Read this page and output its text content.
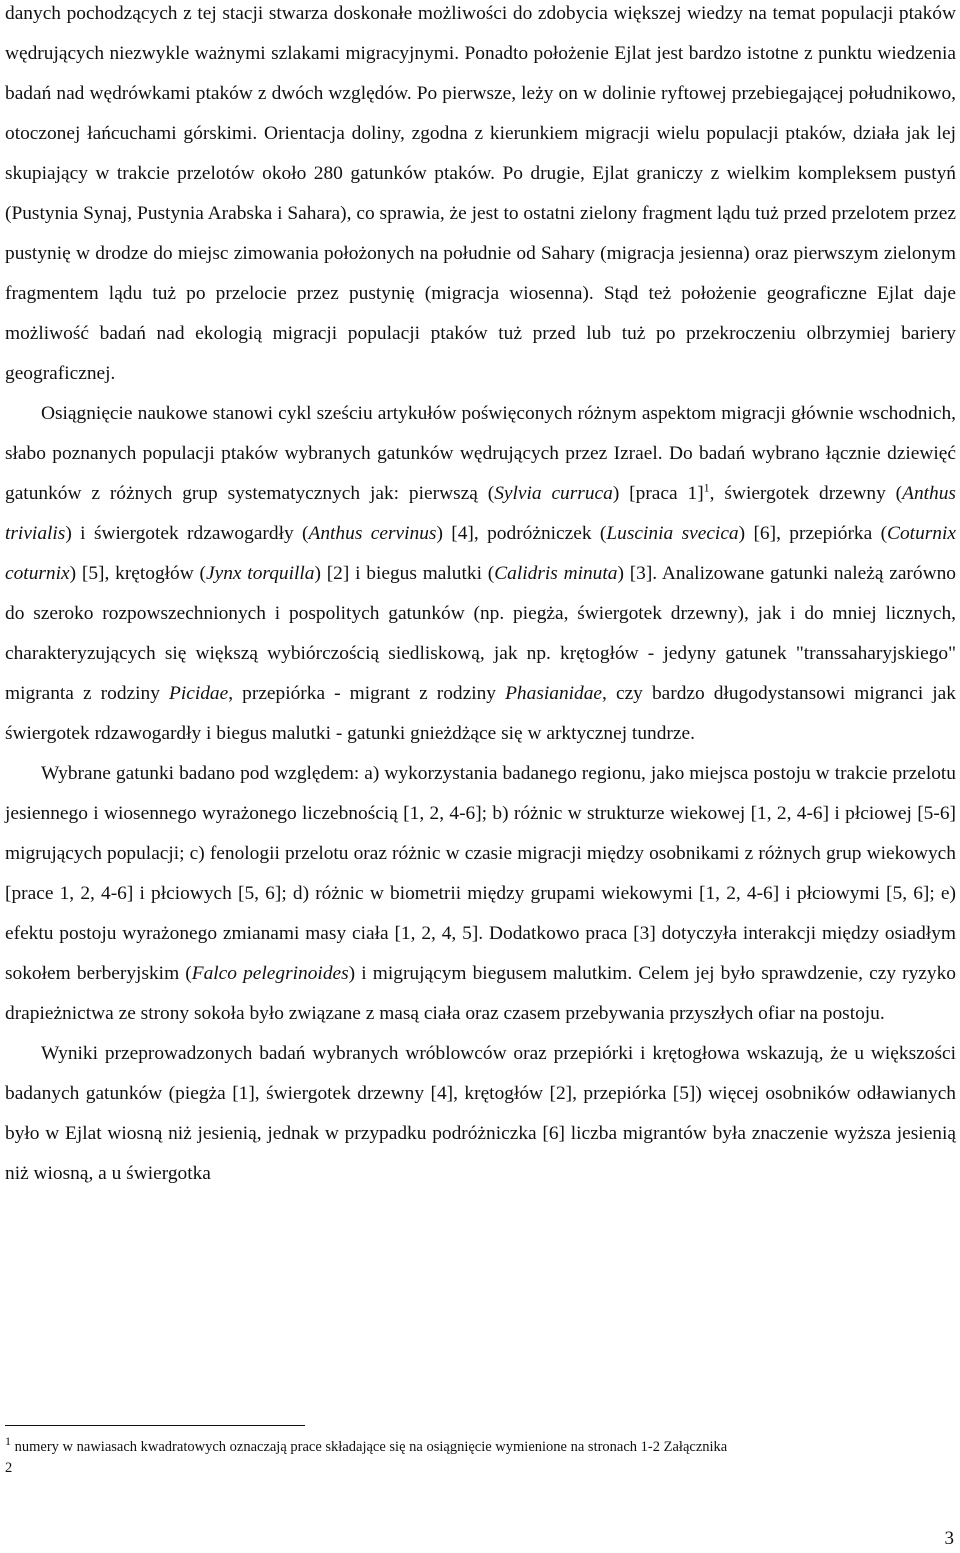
danych pochodzących z tej stacji stwarza doskonałe możliwości do zdobycia większej wiedzy na temat populacji ptaków wędrujących niezwykle ważnymi szlakami migracyjnymi. Ponadto położenie Ejlat jest bardzo istotne z punktu wiedzenia badań nad wędrówkami ptaków z dwóch względów. Po pierwsze, leży on w dolinie ryftowej przebiegającej południkowo, otoczonej łańcuchami górskimi. Orientacja doliny, zgodna z kierunkiem migracji wielu populacji ptaków, działa jak lej skupiający w trakcie przelotów około 280 gatunków ptaków. Po drugie, Ejlat graniczy z wielkim kompleksem pustyń (Pustynia Synaj, Pustynia Arabska i Sahara), co sprawia, że jest to ostatni zielony fragment lądu tuż przed przelotem przez pustynię w drodze do miejsc zimowania położonych na południe od Sahary (migracja jesienna) oraz pierwszym zielonym fragmentem lądu tuż po przelocie przez pustynię (migracja wiosenna). Stąd też położenie geograficzne Ejlat daje możliwość badań nad ekologią migracji populacji ptaków tuż przed lub tuż po przekroczeniu olbrzymiej bariery geograficznej.

Osiągnięcie naukowe stanowi cykl sześciu artykułów poświęconych różnym aspektom migracji głównie wschodnich, słabo poznanych populacji ptaków wybranych gatunków wędrujących przez Izrael. Do badań wybrano łącznie dziewięć gatunków z różnych grup systematycznych jak: pierwszą (Sylvia curruca) [praca 1]$^1$, świergotek drzewny (Anthus trivialis) i świergotek rdzawogardły (Anthus cervinus) [4], podróżniczek (Luscinia svecica) [6], przepiórka (Coturnix coturnix) [5], krętogłów (Jynx torquilla) [2] i biegus malutki (Calidris minuta) [3]. Analizowane gatunki należą zarówno do szeroko rozpowszechnionych i pospolitych gatunków (np. piegża, świergotek drzewny), jak i do mniej licznych, charakteryzujących się większą wybiórczością siedliskową, jak np. krętogłów - jedyny gatunek "transsaharyjskiego" migranta z rodziny Picidae, przepiórka - migrant z rodziny Phasianidae, czy bardzo długodystansowi migranci jak świergotek rdzawogardły i biegus malutki - gatunki gnieżdżące się w arktycznej tundrze.

Wybrane gatunki badano pod względem: a) wykorzystania badanego regionu, jako miejsca postoju w trakcie przelotu jesiennego i wiosennego wyrażonego liczebnością [1, 2, 4-6]; b) różnic w strukturze wiekowej [1, 2, 4-6] i płciowej [5-6] migrujących populacji; c) fenologii przelotu oraz różnic w czasie migracji między osobnikami z różnych grup wiekowych [prace 1, 2, 4-6] i płciowych [5, 6]; d) różnic w biometrii między grupami wiekowymi [1, 2, 4-6] i płciowymi [5, 6]; e) efektu postoju wyrażonego zmianami masy ciała [1, 2, 4, 5]. Dodatkowo praca [3] dotyczyła interakcji między osiadłym sokołem berberyjskim (Falco pelegrinoides) i migrującym biegusem malutkim. Celem jej było sprawdzenie, czy ryzyko drapieżnictwa ze strony sokoła było związane z masą ciała oraz czasem przebywania przyszłych ofiar na postoju.

Wyniki przeprowadzonych badań wybranych wróblowców oraz przepiórki i krętogłowa wskazują, że u większości badanych gatunków (piegża [1], świergotek drzewny [4], krętogłów [2], przepiórka [5]) więcej osobników odławianych było w Ejlat wiosną niż jesienią, jednak w przypadku podróżniczka [6] liczba migrantów była znaczenie wyższa jesienią niż wiosną, a u świergotka

$^1$ numery w nawiasach kwadratowych oznaczają prace składające się na osiągnięcie wymienione na stronach 1-2 Załącznika

2
3
